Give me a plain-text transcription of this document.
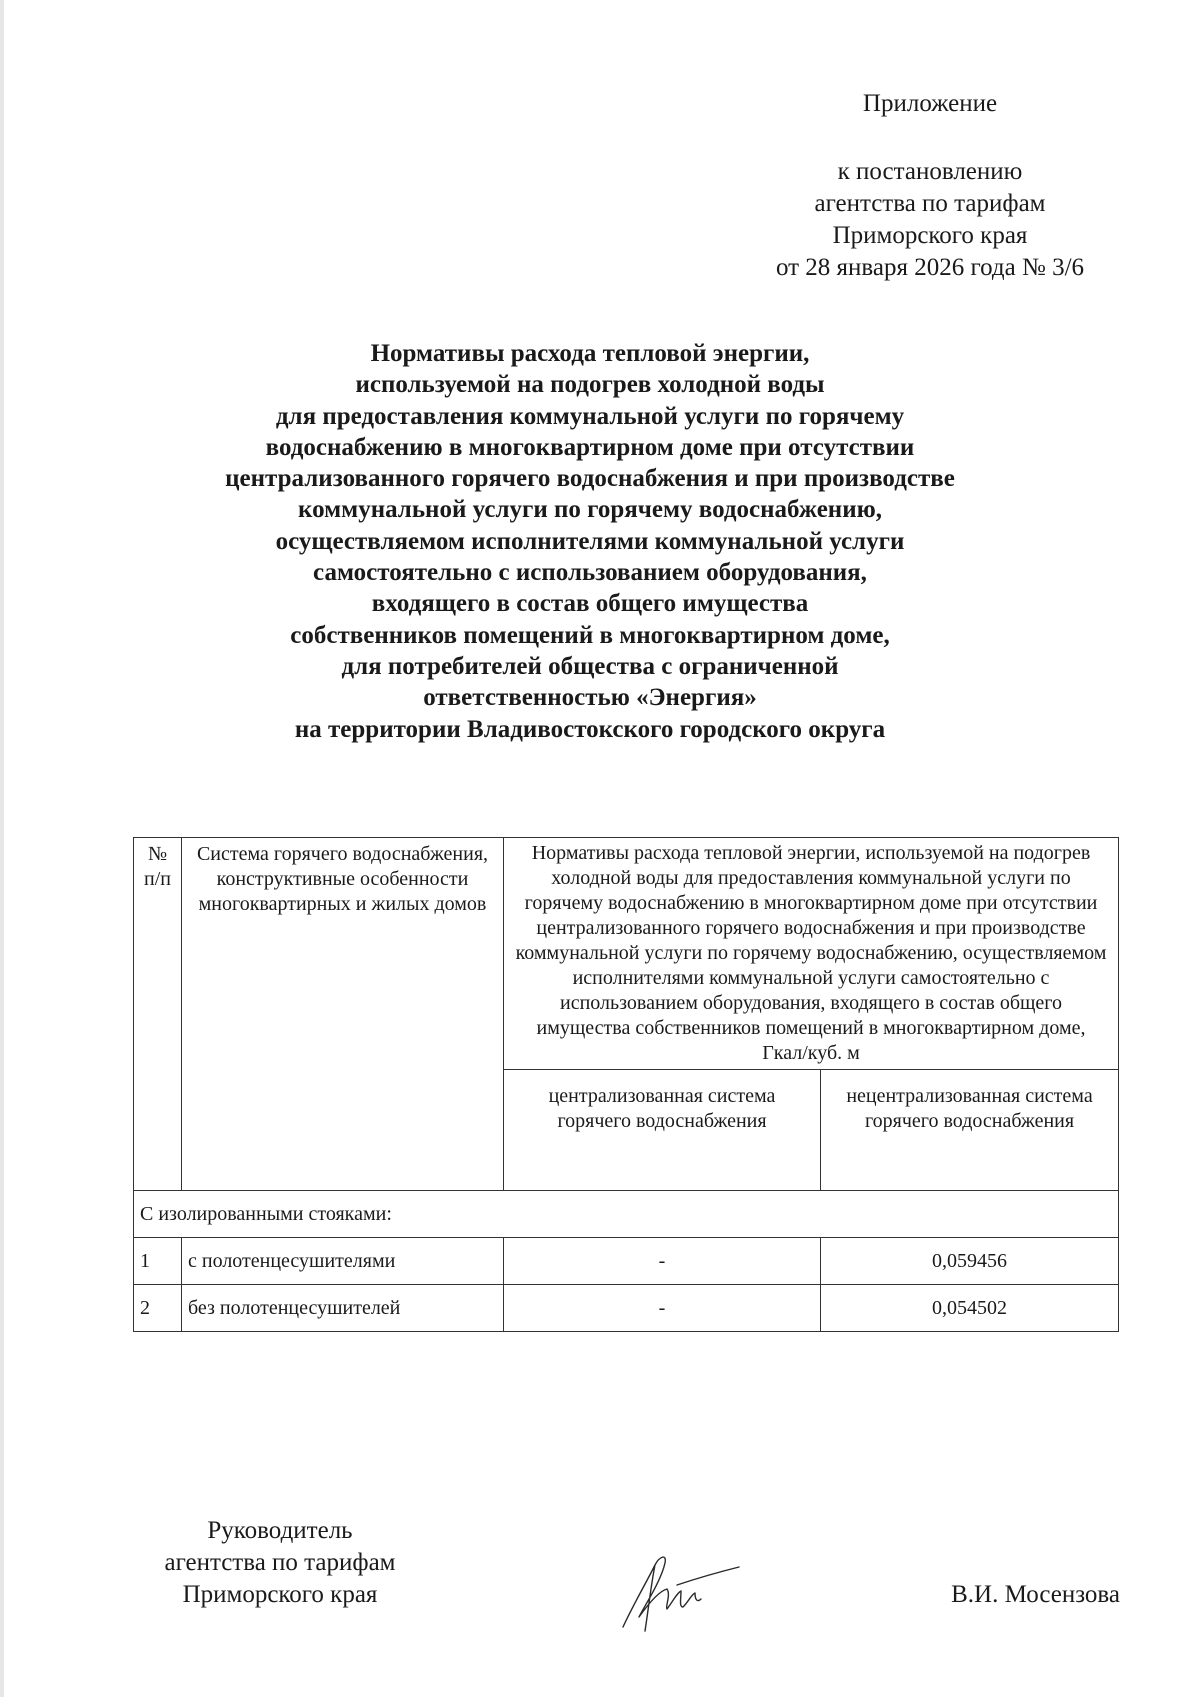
Приложение
к постановлению
агентства по тарифам
Приморского края
от 28 января 2026 года № 3/6
Нормативы расхода тепловой энергии,
используемой на подогрев холодной воды
для предоставления коммунальной услуги по горячему
водоснабжению в многоквартирном доме при отсутствии
централизованного горячего водоснабжения и при производстве
коммунальной услуги по горячему водоснабжению,
осуществляемом исполнителями коммунальной услуги
самостоятельно с использованием оборудования,
входящего в состав общего имущества
собственников помещений в многоквартирном доме,
для потребителей общества с ограниченной
ответственностью «Энергия»
на территории Владивостокского городского округа
№ п/п	Система горячего водоснабжения, конструктивные особенности многоквартирных и жилых домов	Нормативы расхода тепловой энергии, используемой на подогрев холодной воды для предоставления коммунальной услуги по горячему водоснабжению в многоквартирном доме при отсутствии централизованного горячего водоснабжения и при производстве коммунальной услуги по горячему водоснабжению, осуществляемом исполнителями коммунальной услуги самостоятельно с использованием оборудования, входящего в состав общего имущества собственников помещений в многоквартирном доме, Гкал/куб. м	
		централизованная система горячего водоснабжения	нецентрализованная система горячего водоснабжения
С изолированными стояками:			
1	с полотенцесушителями	-	0,059456
2	без полотенцесушителей	-	0,054502
Руководитель
агентства по тарифам
Приморского края	В.И. Мосензова
